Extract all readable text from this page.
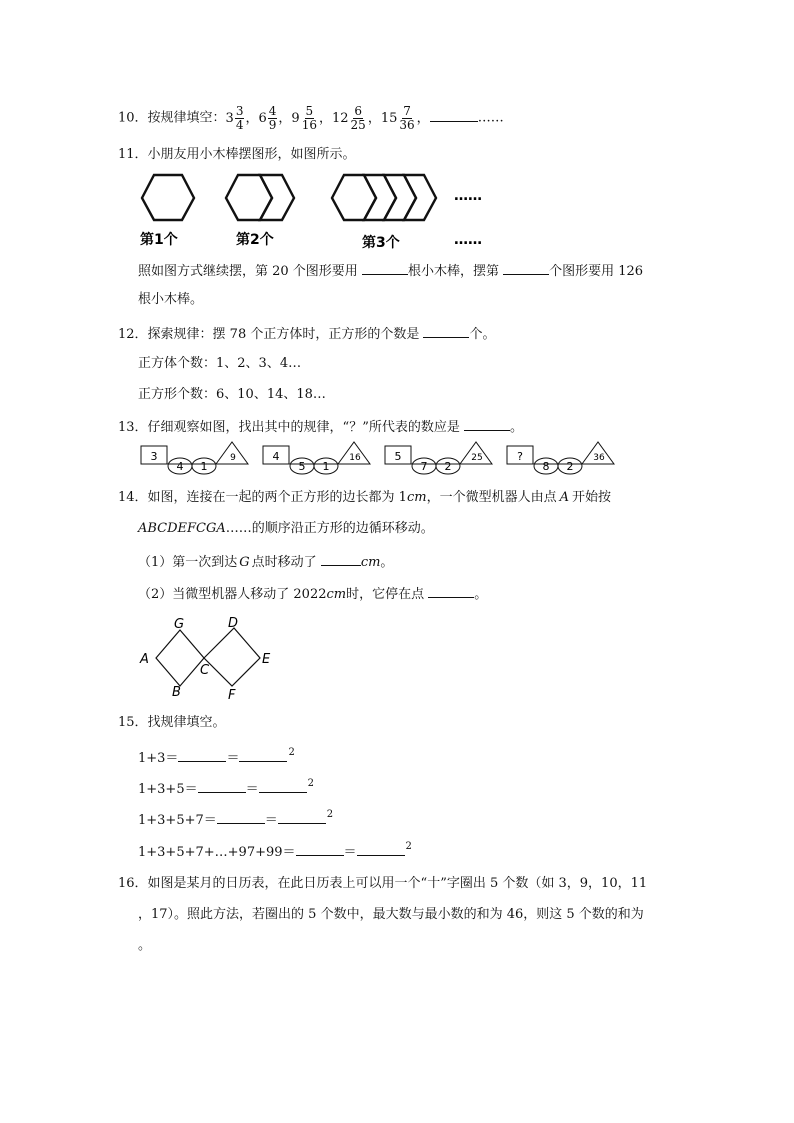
10．按规律填空： $3 \frac{3}{4}$ ， $6 \frac{4}{9}$ ， $9 \frac{5}{16}$ ， $12 \frac{6}{25}$ ， $15 \frac{7}{36}$ ，	……
11．小朋友用小木棒摆图形，如图所示。
……
第1个	第2个	第3个	……
照如图方式继续摆，第 20 个图形要用	根小木棒，摆第	个图形要用 126
根小木棒。
12．探索规律：摆 78 个正方体时，正方形的个数是	个。
正方体个数：1、2、3、4…
正方形个数：6、10、14、18…
13．仔细观察如图，找出其中的规律，“？”所代表的数应是	。
3
4 1
9	4
5 1
16	5
7 2
25	?
8 2
36
14．如图，连接在一起的两个正方形的边长都为 1cm，一个微型机器人由点 A 开始按
ABCDEFCGA……的顺序沿正方形的边循环移动。
（1）第一次到达 G 点时移动了	cm。
（2）当微型机器人移动了 2022cm时，它停在点	。
G	D
A
C
E
B	F
15．找规律填空。
1+3＝	＝	$^2$
1+3+5＝	＝	$^2$
1+3+5+7＝	＝	$^2$
1+3+5+7+…+97+99＝	＝	$^2$
16．如图是某月的日历表，在此日历表上可以用一个“十”字圈出 5 个数（如 3，9，10，11
，17）。照此方法，若圈出的 5 个数中，最大数与最小数的和为 46，则这 5 个数的和为
。
